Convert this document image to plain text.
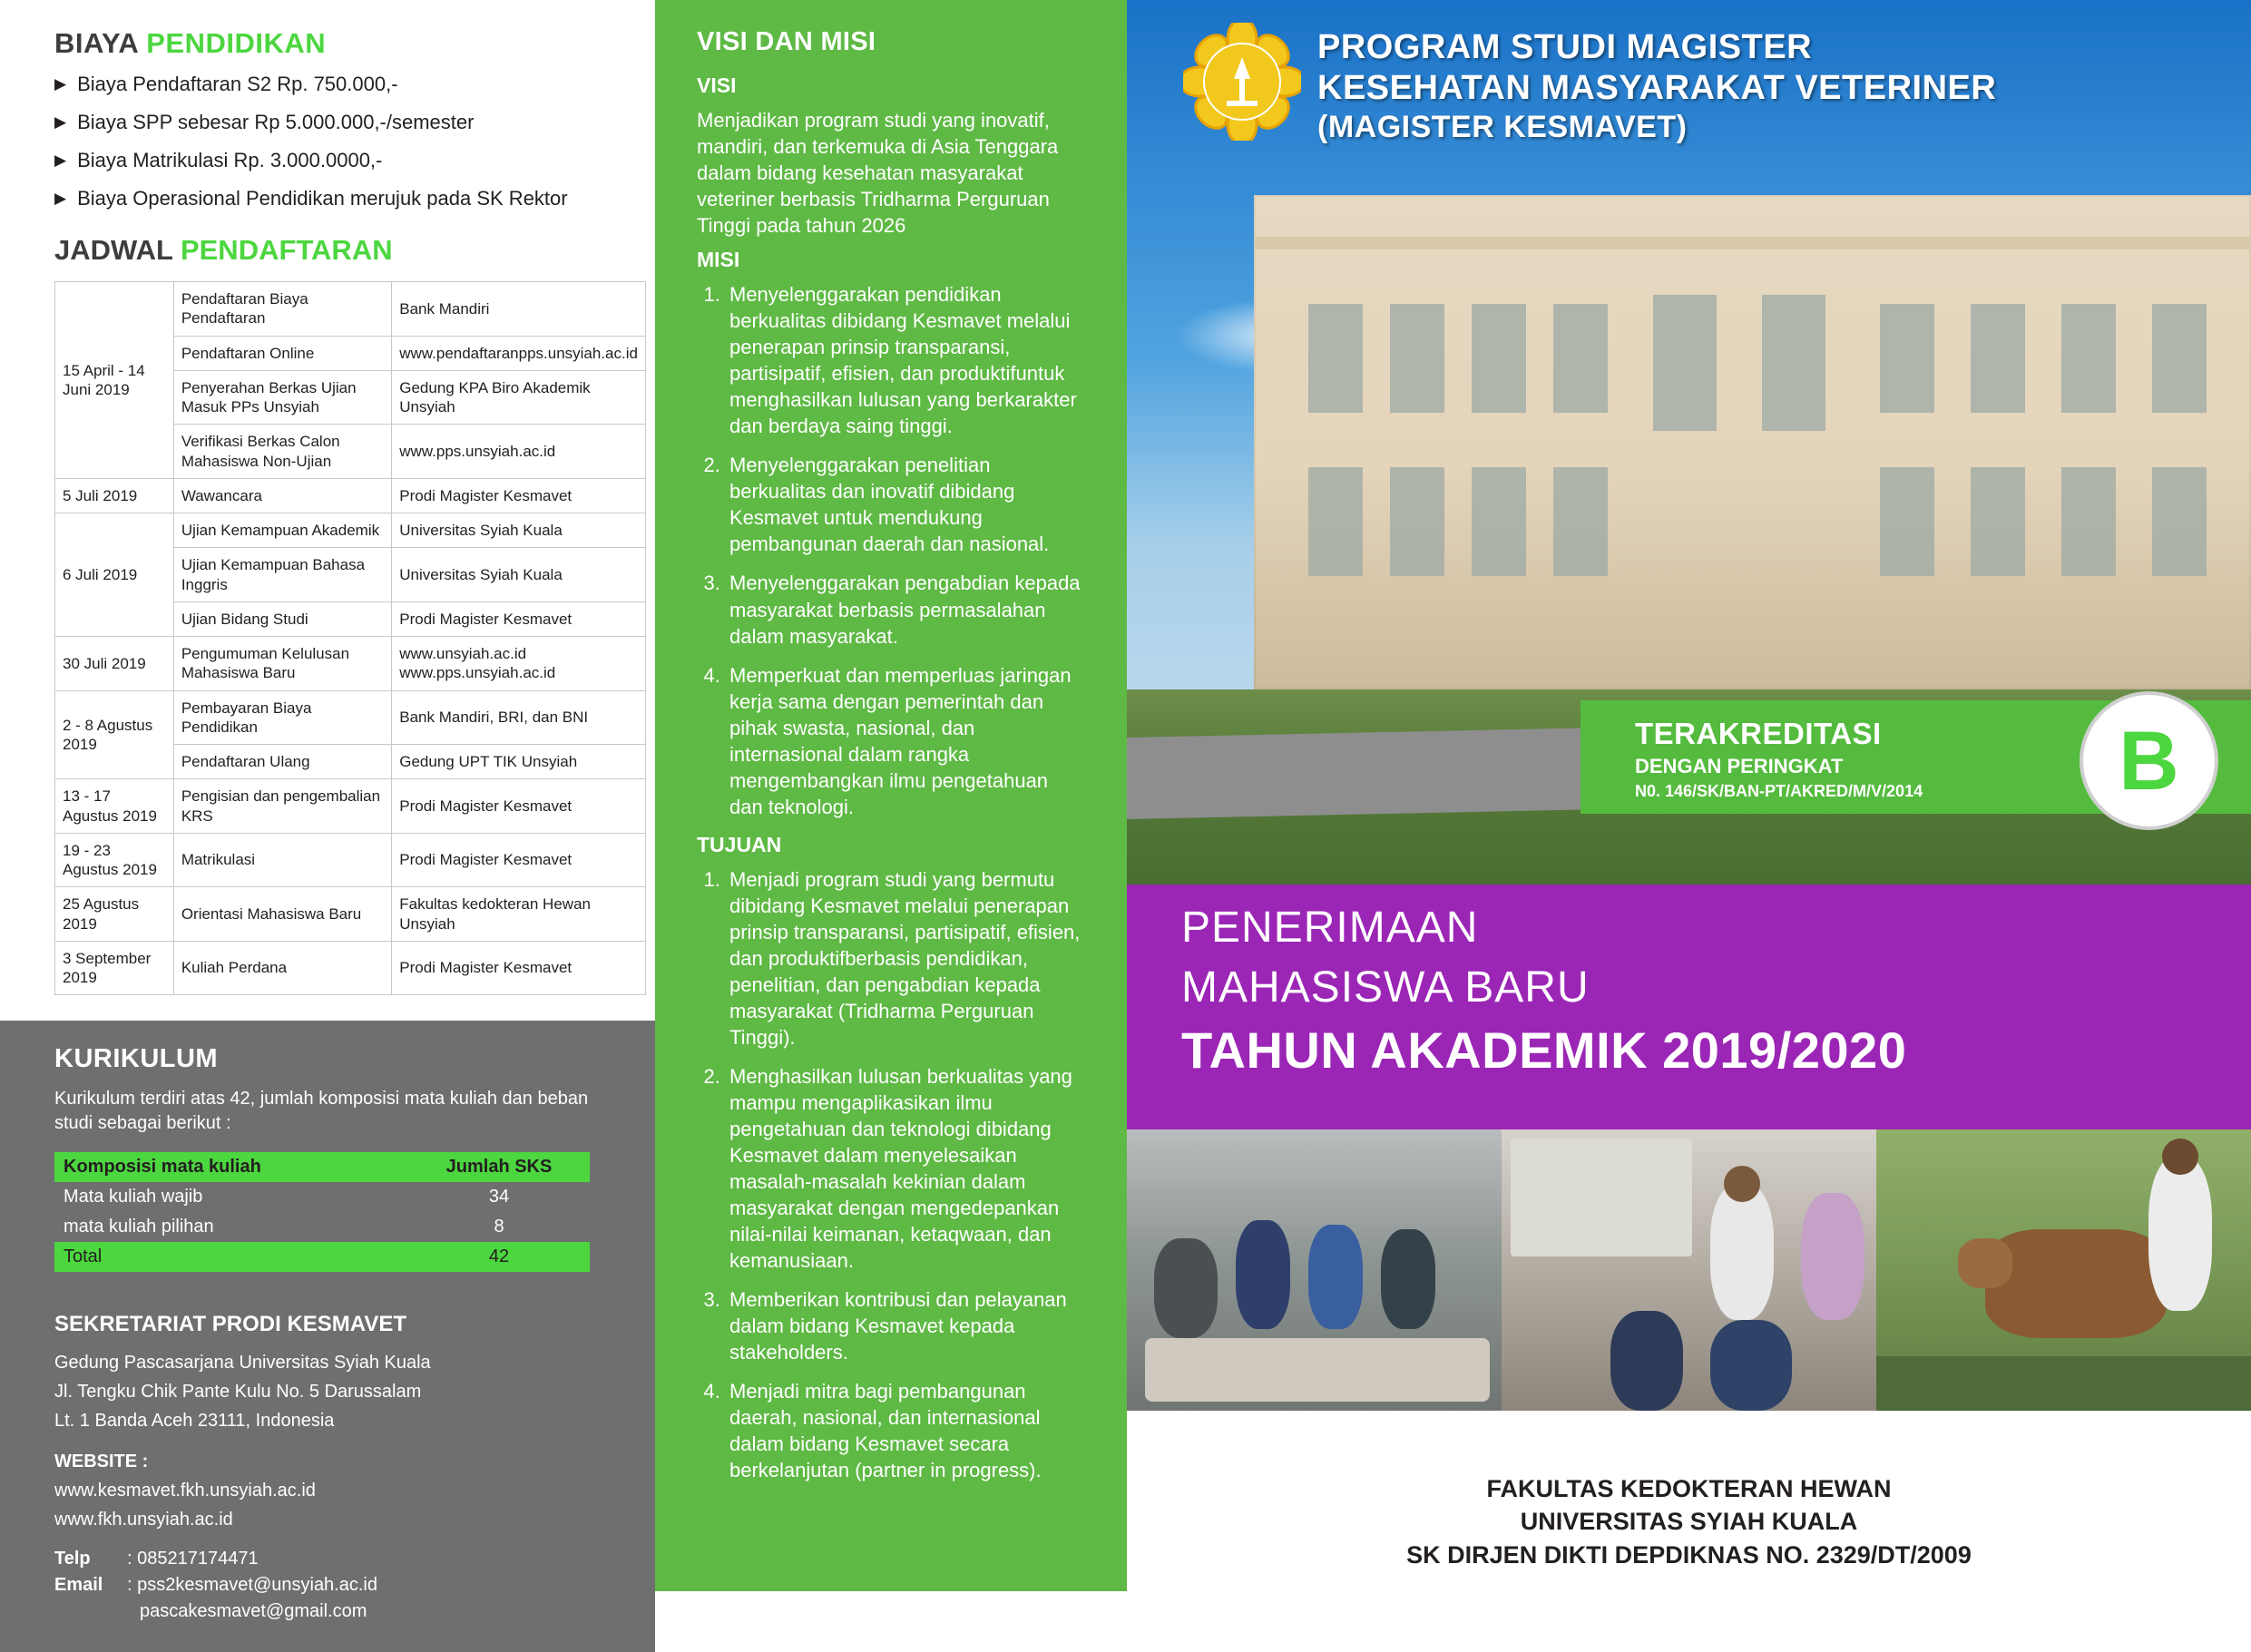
BIAYA PENDIDIKAN
▶ Biaya Pendaftaran S2 Rp. 750.000,-
▶ Biaya SPP sebesar Rp 5.000.000,-/semester
▶ Biaya Matrikulasi Rp. 3.000.0000,-
▶ Biaya Operasional Pendidikan merujuk pada SK Rektor
JADWAL PENDAFTARAN
15 April - 14 Juni 2019	Pendaftaran Biaya Pendaftaran	Bank Mandiri
	Pendaftaran Online	www.pendaftaranpps.unsyiah.ac.id
	Penyerahan Berkas Ujian Masuk PPs Unsyiah	Gedung KPA Biro Akademik Unsyiah
	Verifikasi Berkas Calon Mahasiswa Non-Ujian	www.pps.unsyiah.ac.id
5 Juli 2019	Wawancara	Prodi Magister Kesmavet
6 Juli 2019	Ujian Kemampuan Akademik	Universitas Syiah Kuala
	Ujian Kemampuan Bahasa Inggris	Universitas Syiah Kuala
	Ujian Bidang Studi	Prodi Magister Kesmavet
30 Juli 2019	Pengumuman Kelulusan Mahasiswa Baru	www.unsyiah.ac.id www.pps.unsyiah.ac.id
2 - 8 Agustus 2019	Pembayaran Biaya Pendidikan	Bank Mandiri, BRI, dan BNI
	Pendaftaran Ulang	Gedung UPT TIK Unsyiah
13 - 17 Agustus 2019	Pengisian dan pengembalian KRS	Prodi Magister Kesmavet
19 - 23 Agustus 2019	Matrikulasi	Prodi Magister Kesmavet
25 Agustus 2019	Orientasi Mahasiswa Baru	Fakultas kedokteran Hewan Unsyiah
3 September 2019	Kuliah Perdana	Prodi Magister Kesmavet
KURIKULUM

Kurikulum terdiri atas 42, jumlah komposisi mata kuliah dan beban studi sebagai berikut :

Komposisi mata kuliah	Jumlah SKS
Mata kuliah wajib	34
mata kuliah pilihan	8
Total	42
SEKRETARIAT PRODI KESMAVET

Gedung Pascasarjana Universitas Syiah Kuala

Jl. Tengku Chik Pante Kulu No. 5 Darussalam

Lt. 1 Banda Aceh 23111, Indonesia

WEBSITE :

www.kesmavet.fkh.unsyiah.ac.id

www.fkh.unsyiah.ac.id

Telp	: 085217174471
Email	: pss2kesmavet@unsyiah.ac.id
pascakesmavet@gmail.com
VISI DAN MISI
VISI

Menjadikan program studi yang inovatif, mandiri, dan terkemuka di Asia Tenggara dalam bidang kesehatan masyarakat veteriner berbasis Tridharma Perguruan Tinggi pada tahun 2026

MISI
1. Menyelenggarakan pendidikan berkualitas dibidang Kesmavet melalui penerapan prinsip transparansi, partisipatif, efisien, dan produktifuntuk menghasilkan lulusan yang berkarakter dan berdaya saing tinggi.
2. Menyelenggarakan penelitian berkualitas dan inovatif dibidang Kesmavet untuk mendukung pembangunan daerah dan nasional.
3. Menyelenggarakan pengabdian kepada masyarakat berbasis permasalahan dalam masyarakat.
4. Memperkuat dan memperluas jaringan kerja sama dengan pemerintah dan pihak swasta, nasional, dan internasional dalam rangka mengembangkan ilmu pengetahuan dan teknologi.
TUJUAN
1. Menjadi program studi yang bermutu dibidang Kesmavet melalui penerapan prinsip transparansi, partisipatif, efisien, dan produktifberbasis pendidikan, penelitian, dan pengabdian kepada masyarakat (Tridharma Perguruan Tinggi).
2. Menghasilkan lulusan berkualitas yang mampu mengaplikasikan ilmu pengetahuan dan teknologi dibidang Kesmavet dalam menyelesaikan masalah-masalah kekinian dalam masyarakat dengan mengedepankan nilai-nilai keimanan, ketaqwaan, dan kemanusiaan.
3. Memberikan kontribusi dan pelayanan dalam bidang Kesmavet kepada stakeholders.
4. Menjadi mitra bagi pembangunan daerah, nasional, dan internasional dalam bidang Kesmavet secara berkelanjutan (partner in progress).
PROGRAM STUDI MAGISTER
KESEHATAN MASYARAKAT VETERINER
(MAGISTER KESMAVET)
TERAKREDITASI
DENGAN PERINGKAT
N0. 146/SK/BAN-PT/AKRED/M/V/2014 B
PENERIMAAN
MAHASISWA BARU
TAHUN AKADEMIK 2019/2020
FAKULTAS KEDOKTERAN HEWAN
UNIVERSITAS SYIAH KUALA
SK DIRJEN DIKTI DEPDIKNAS NO. 2329/DT/2009
